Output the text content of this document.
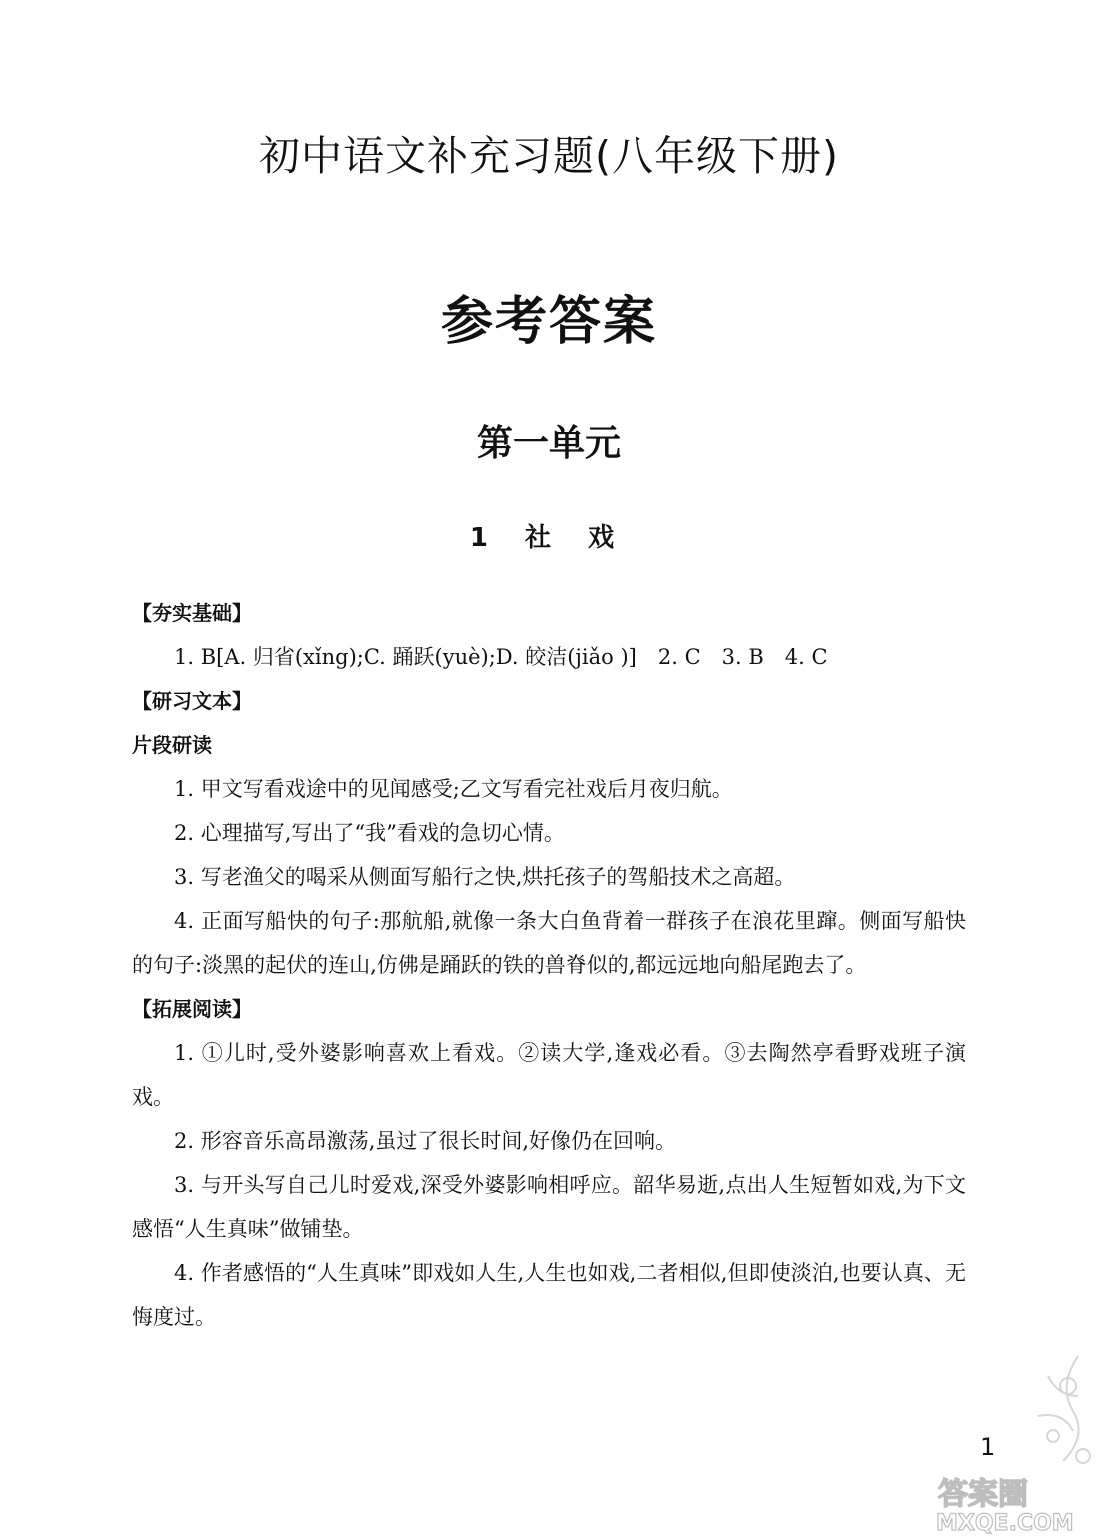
初中语文补充习题(八年级下册)
参考答案
第一单元
1 社 戏

【夯实基础】

1. B[A. 归省(xǐng);C. 踊跃(yuè);D. 皎洁(jiǎo )]　2. C　3. B　4. C

【研习文本】

片段研读

1. 甲文写看戏途中的见闻感受;乙文写看完社戏后月夜归航。

2. 心理描写,写出了“我”看戏的急切心情。

3. 写老渔父的喝采从侧面写船行之快,烘托孩子的驾船技术之高超。

4. 正面写船快的句子:那航船,就像一条大白鱼背着一群孩子在浪花里蹿。侧面写船快的句子:淡黑的起伏的连山,仿佛是踊跃的铁的兽脊似的,都远远地向船尾跑去了。

【拓展阅读】

1. ①儿时,受外婆影响喜欢上看戏。②读大学,逢戏必看。③去陶然亭看野戏班子演戏。

2. 形容音乐高昂激荡,虽过了很长时间,好像仍在回响。

3. 与开头写自己儿时爱戏,深受外婆影响相呼应。韶华易逝,点出人生短暂如戏,为下文感悟“人生真味”做铺垫。

4. 作者感悟的“人生真味”即戏如人生,人生也如戏,二者相似,但即使淡泊,也要认真、无悔度过。

1

答案圈
MXQE.COM
